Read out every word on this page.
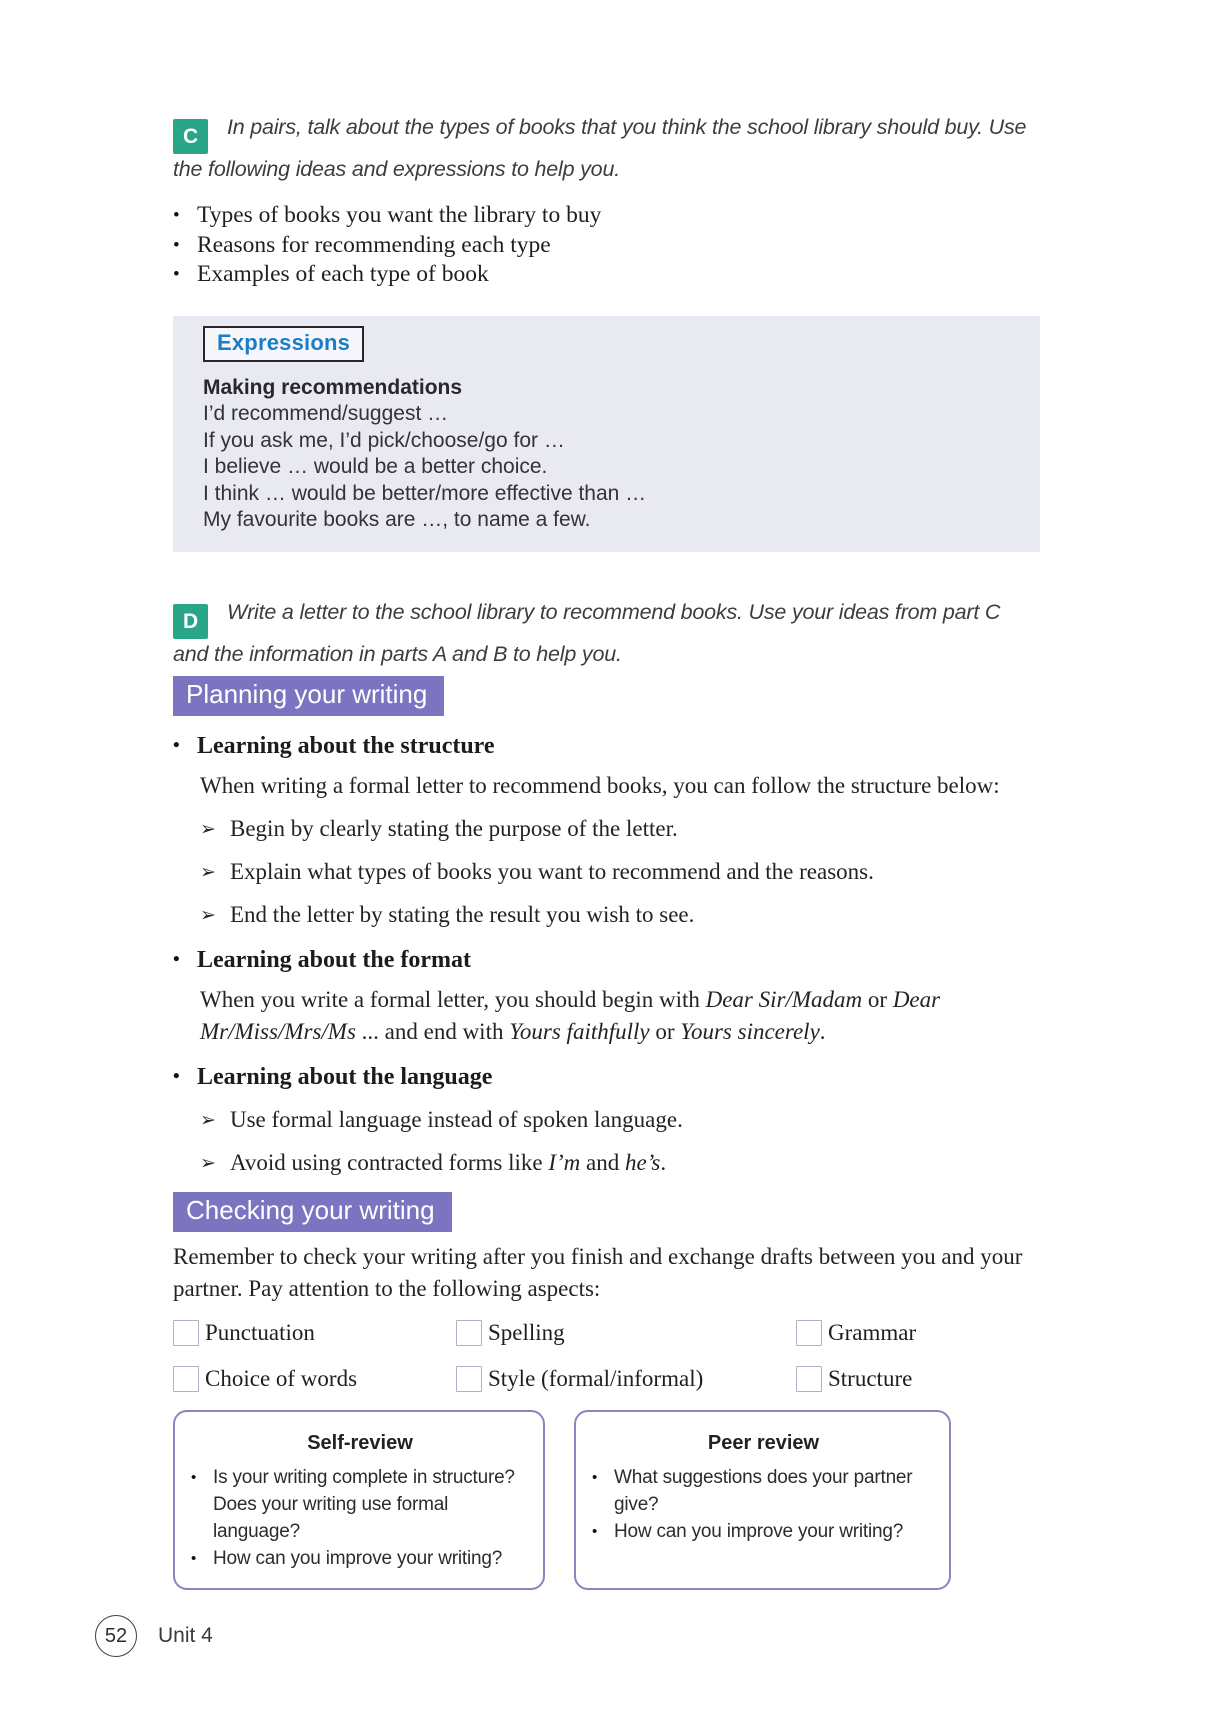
C In pairs, talk about the types of books that you think the school library should buy. Use the following ideas and expressions to help you.
• Types of books you want the library to buy
• Reasons for recommending each type
• Examples of each type of book
Expressions
Making recommendations
I’d recommend/suggest …
If you ask me, I’d pick/choose/go for …
I believe … would be a better choice.
I think … would be better/more effective than …
My favourite books are …, to name a few.
D Write a letter to the school library to recommend books. Use your ideas from part C and the information in parts A and B to help you.
Planning your writing
• Learning about the structure

When writing a formal letter to recommend books, you can follow the structure below:

➢ Begin by clearly stating the purpose of the letter.
➢ Explain what types of books you want to recommend and the reasons.
➢ End the letter by stating the result you wish to see.
• Learning about the format

When you write a formal letter, you should begin with Dear Sir/Madam or Dear Mr/Miss/Mrs/Ms ... and end with Yours faithfully or Yours sincerely.

• Learning about the language
➢ Use formal language instead of spoken language.
➢ Avoid using contracted forms like I’m and he’s.
Checking your writing

Remember to check your writing after you finish and exchange drafts between you and your partner. Pay attention to the following aspects:

Punctuation	Spelling	Grammar
Choice of words	Style (formal/informal)	Structure
Self-review
• Is your writing complete in structure?
Does your writing use formal language?
• How can you improve your writing?
Peer review
• What suggestions does your partner give?
• How can you improve your writing?
52	Unit 4
